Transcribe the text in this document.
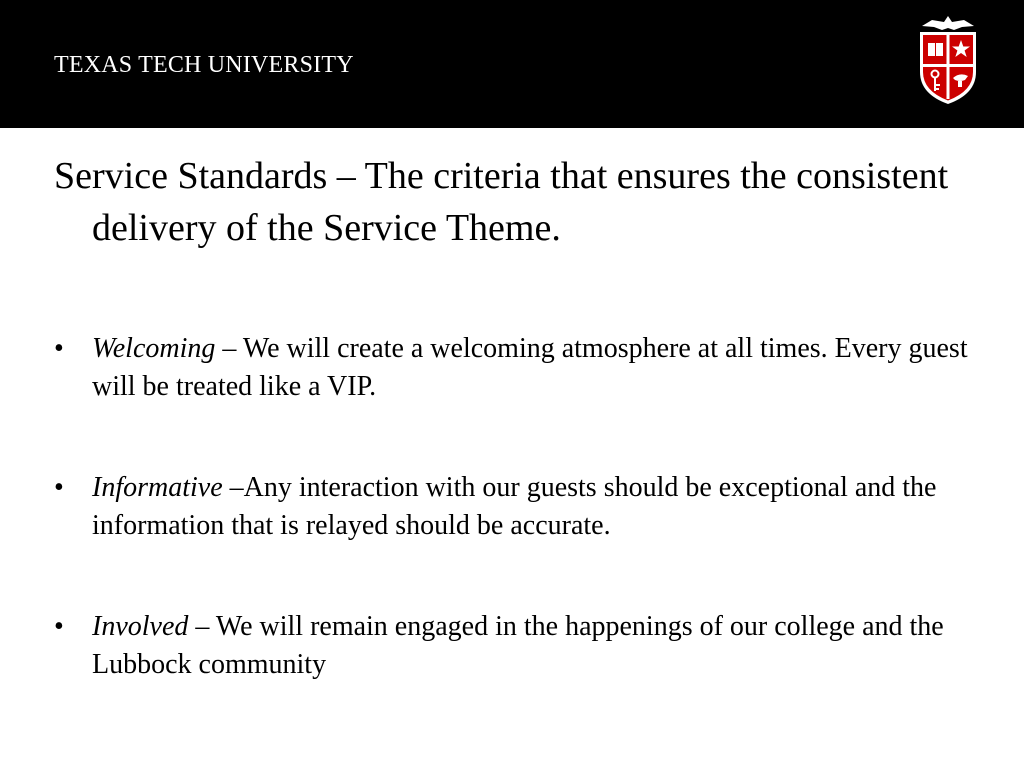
TEXAS TECH UNIVERSITY
Service Standards – The criteria that ensures the consistent delivery of the Service Theme.
• Welcoming – We will create a welcoming atmosphere at all times. Every guest will be treated like a VIP.
• Informative –Any interaction with our guests should be exceptional and the information that is relayed should be accurate.
• Involved – We will remain engaged in the happenings of our college and the Lubbock community
